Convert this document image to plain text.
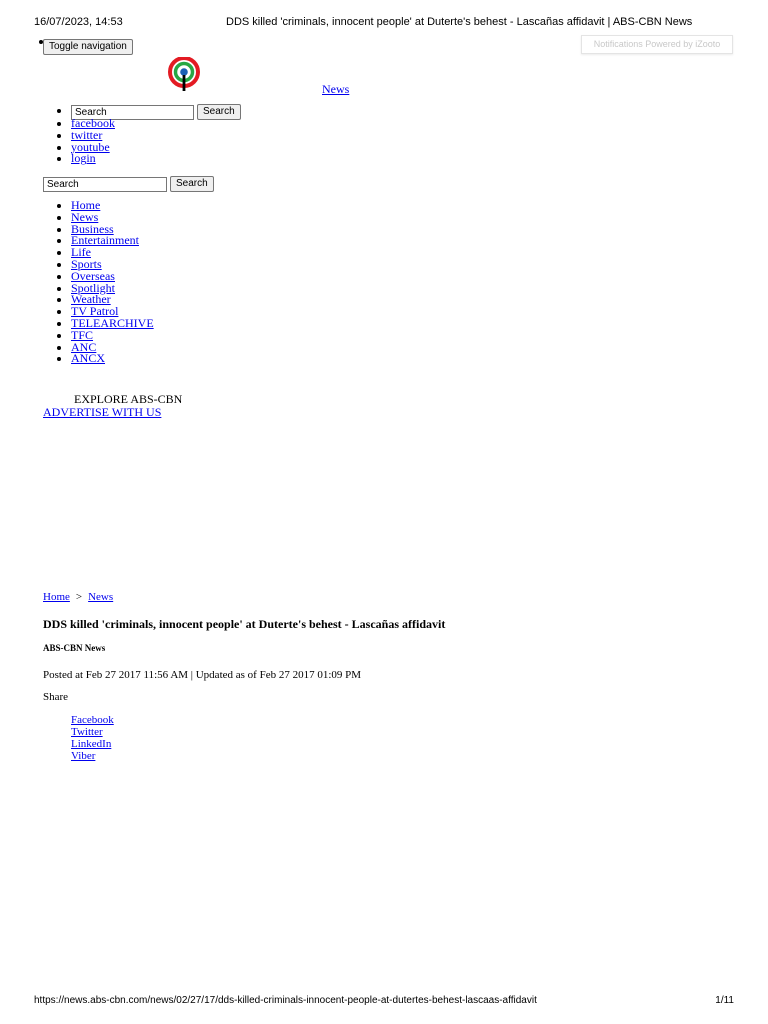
16/07/2023, 14:53	DDS killed 'criminals, innocent people' at Duterte's behest - Lascañas affidavit | ABS-CBN News
Toggle navigation	Notifications Powered by iZooto
News
Search	Search
• facebook
• twitter
• youtube
• login
Search	Search
• Home
• News
• Business
• Entertainment
• Life
• Sports
• Overseas
• Spotlight
• Weather
• TV Patrol
• TELEARCHIVE
• TFC
• ANC
• ANCX
EXPLORE ABS-CBN
ADVERTISE WITH US
Home > News
DDS killed 'criminals, innocent people' at Duterte's behest - Lascañas affidavit
ABS-CBN News
Posted at Feb 27 2017 11:56 AM | Updated as of Feb 27 2017 01:09 PM
Share
Facebook
Twitter
LinkedIn
Viber
https://news.abs-cbn.com/news/02/27/17/dds-killed-criminals-innocent-people-at-dutertes-behest-lascaas-affidavit	1/11
